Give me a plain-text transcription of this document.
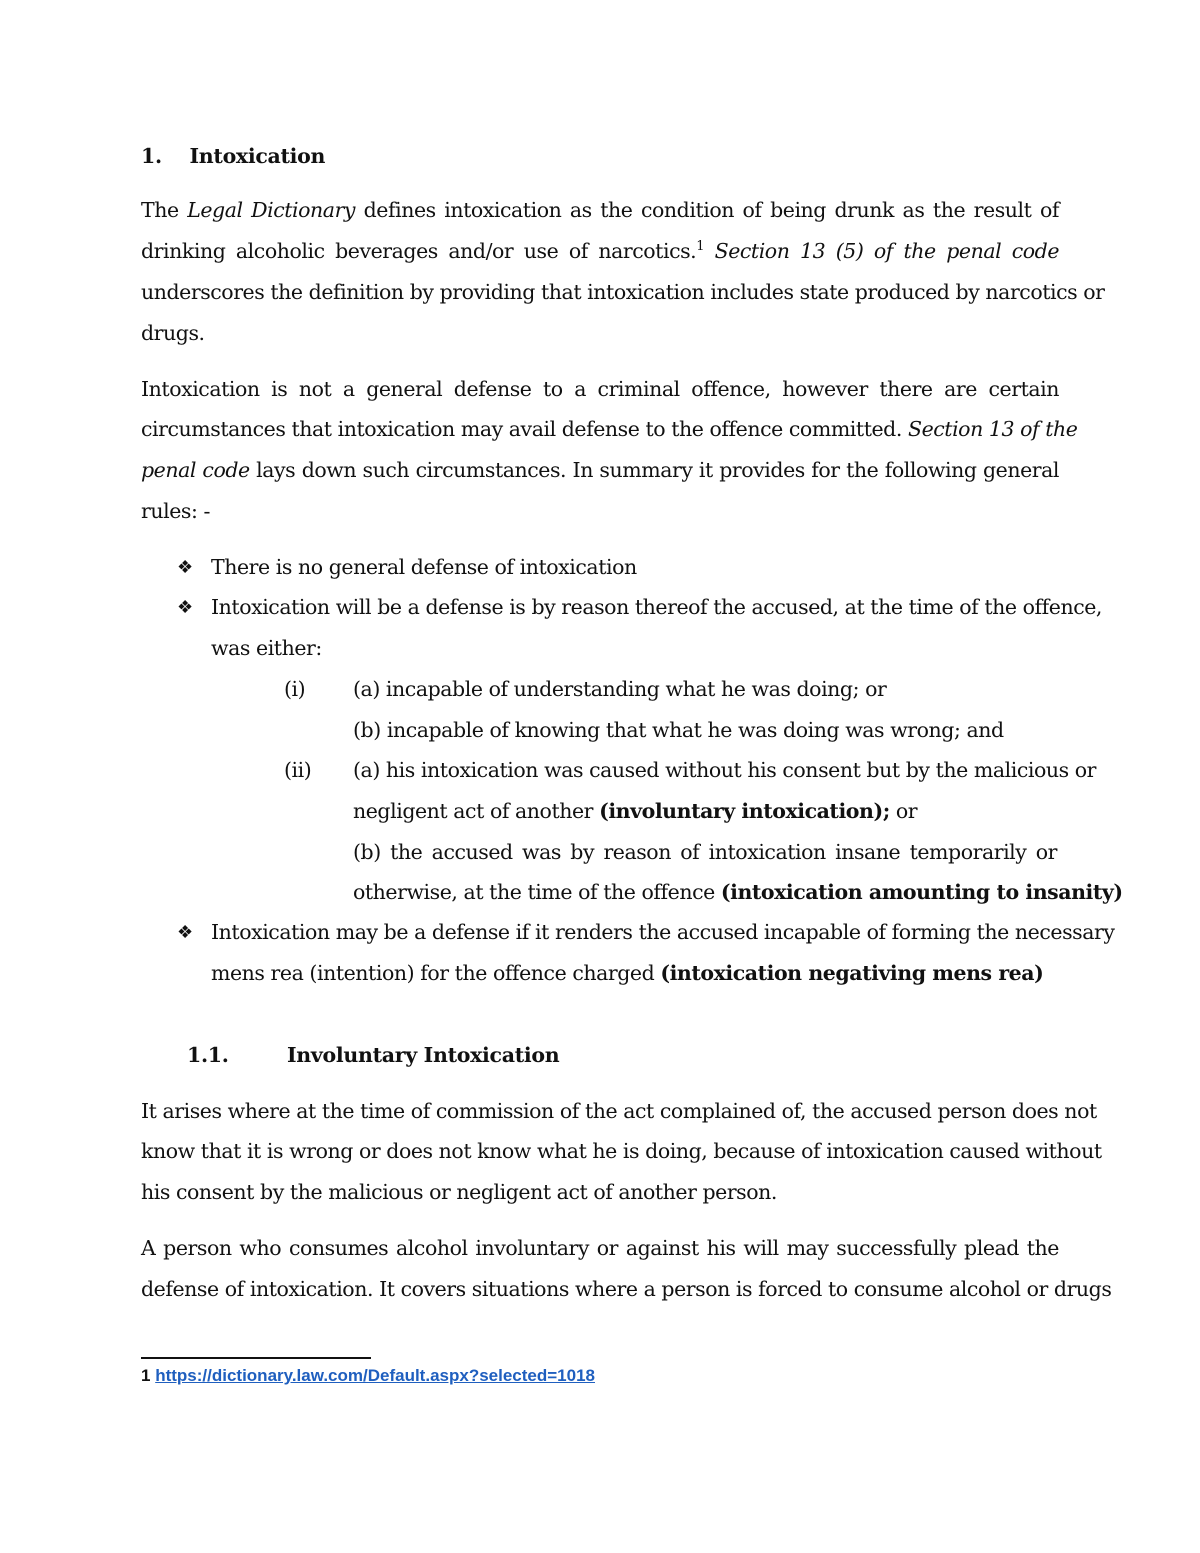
1. Intoxication
The Legal Dictionary defines intoxication as the condition of being drunk as the result of
drinking alcoholic beverages and/or use of narcotics.$^1$ Section 13 (5) of the penal code
underscores the definition by providing that intoxication includes state produced by narcotics or
drugs.
Intoxication is not a general defense to a criminal offence, however there are certain
circumstances that intoxication may avail defense to the offence committed. Section 13 of the
penal code lays down such circumstances. In summary it provides for the following general
rules: -
❖ There is no general defense of intoxication
❖ Intoxication will be a defense is by reason thereof the accused, at the time of the offence,
was either:
(i) (a) incapable of understanding what he was doing; or
(b) incapable of knowing that what he was doing was wrong; and
(ii) (a) his intoxication was caused without his consent but by the malicious or
negligent act of another (involuntary intoxication); or
(b) the accused was by reason of intoxication insane temporarily or
otherwise, at the time of the offence (intoxication amounting to insanity)
❖ Intoxication may be a defense if it renders the accused incapable of forming the necessary
mens rea (intention) for the offence charged (intoxication negativing mens rea)
1.1.	Involuntary Intoxication
It arises where at the time of commission of the act complained of, the accused person does not
know that it is wrong or does not know what he is doing, because of intoxication caused without
his consent by the malicious or negligent act of another person.
A person who consumes alcohol involuntary or against his will may successfully plead the
defense of intoxication. It covers situations where a person is forced to consume alcohol or drugs
1 https://dictionary.law.com/Default.aspx?selected=1018
